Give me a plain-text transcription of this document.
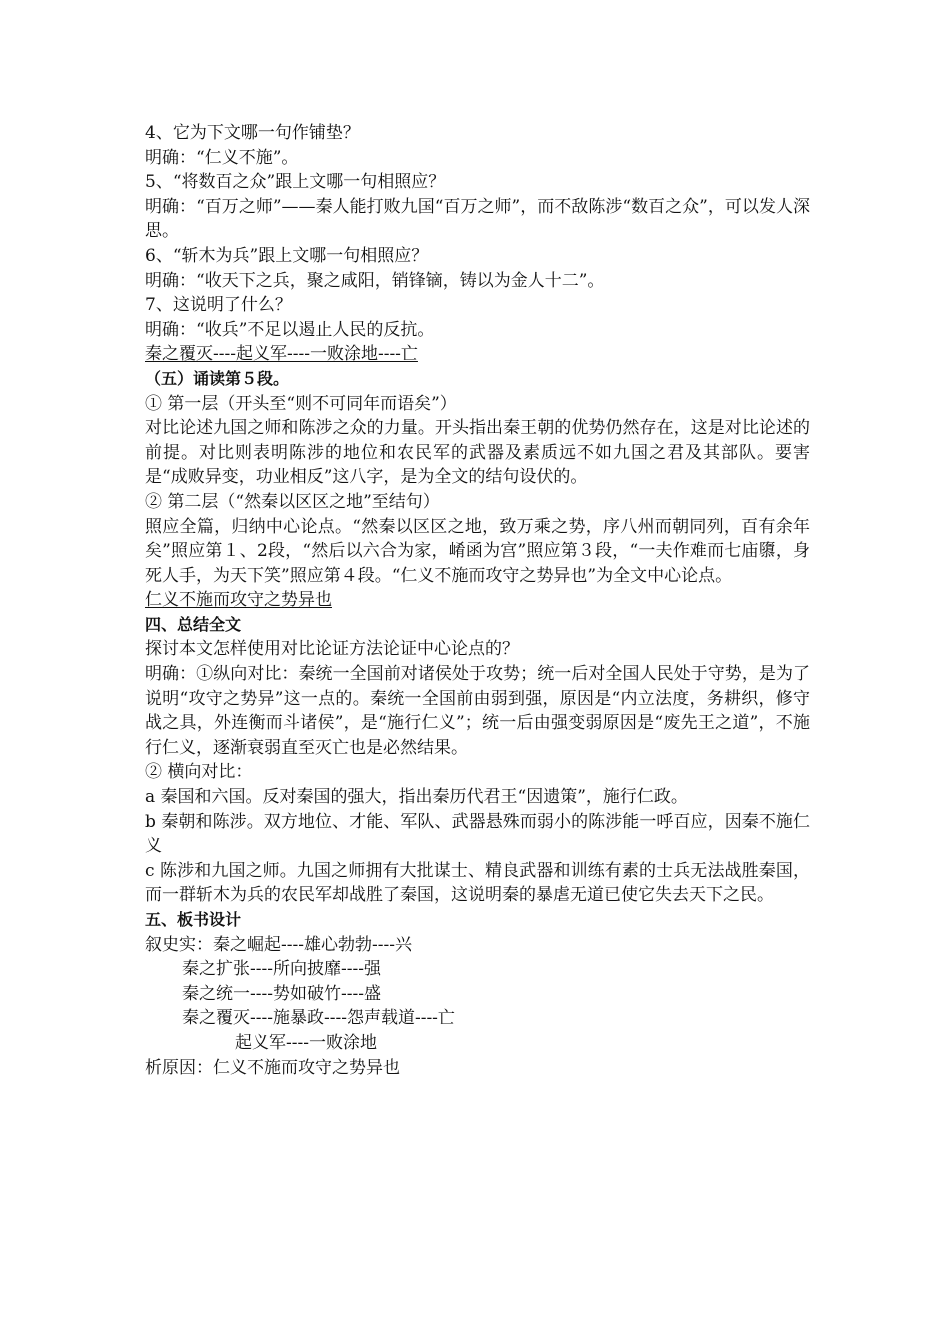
4、它为下文哪一句作铺垫？
明确：“仁义不施”。
5、“将数百之众”跟上文哪一句相照应？
明确：“百万之师”——秦人能打败九国“百万之师”，而不敌陈涉“数百之众”，可以发人深思。
6、“斩木为兵”跟上文哪一句相照应？
明确：“收天下之兵，聚之咸阳，销锋镝，铸以为金人十二”。
7、这说明了什么？
明确：“收兵”不足以遏止人民的反抗。
秦之覆灭----起义军----一败涂地----亡
（五）诵读第５段。
① 第一层（开头至“则不可同年而语矣”）
对比论述九国之师和陈涉之众的力量。开头指出秦王朝的优势仍然存在，这是对比论述的前提。对比则表明陈涉的地位和农民军的武器及素质远不如九国之君及其部队。要害是“成败异变，功业相反”这八字，是为全文的结句设伏的。
② 第二层（“然秦以区区之地”至结句）
照应全篇，归纳中心论点。“然秦以区区之地，致万乘之势，序八州而朝同列，百有余年矣”照应第１、2段，“然后以六合为家，崤函为宫”照应第３段，“一夫作难而七庙隳，身死人手，为天下笑”照应第４段。“仁义不施而攻守之势异也”为全文中心论点。
仁义不施而攻守之势异也
四、总结全文
探讨本文怎样使用对比论证方法论证中心论点的？
明确：①纵向对比：秦统一全国前对诸侯处于攻势；统一后对全国人民处于守势，是为了说明“攻守之势异”这一点的。秦统一全国前由弱到强，原因是“内立法度，务耕织，修守战之具，外连衡而斗诸侯”，是“施行仁义”；统一后由强变弱原因是“废先王之道”，不施行仁义，逐渐衰弱直至灭亡也是必然结果。
② 横向对比：
a 秦国和六国。反对秦国的强大，指出秦历代君王“因遗策”，施行仁政。
b 秦朝和陈涉。双方地位、才能、军队、武器悬殊而弱小的陈涉能一呼百应，因秦不施仁义
c 陈涉和九国之师。九国之师拥有大批谋士、精良武器和训练有素的士兵无法战胜秦国，而一群斩木为兵的农民军却战胜了秦国，这说明秦的暴虐无道已使它失去天下之民。
五、板书设计
叙史实：秦之崛起----雄心勃勃----兴
秦之扩张----所向披靡----强
秦之统一----势如破竹----盛
秦之覆灭----施暴政----怨声载道----亡
起义军----一败涂地
析原因：仁义不施而攻守之势异也
